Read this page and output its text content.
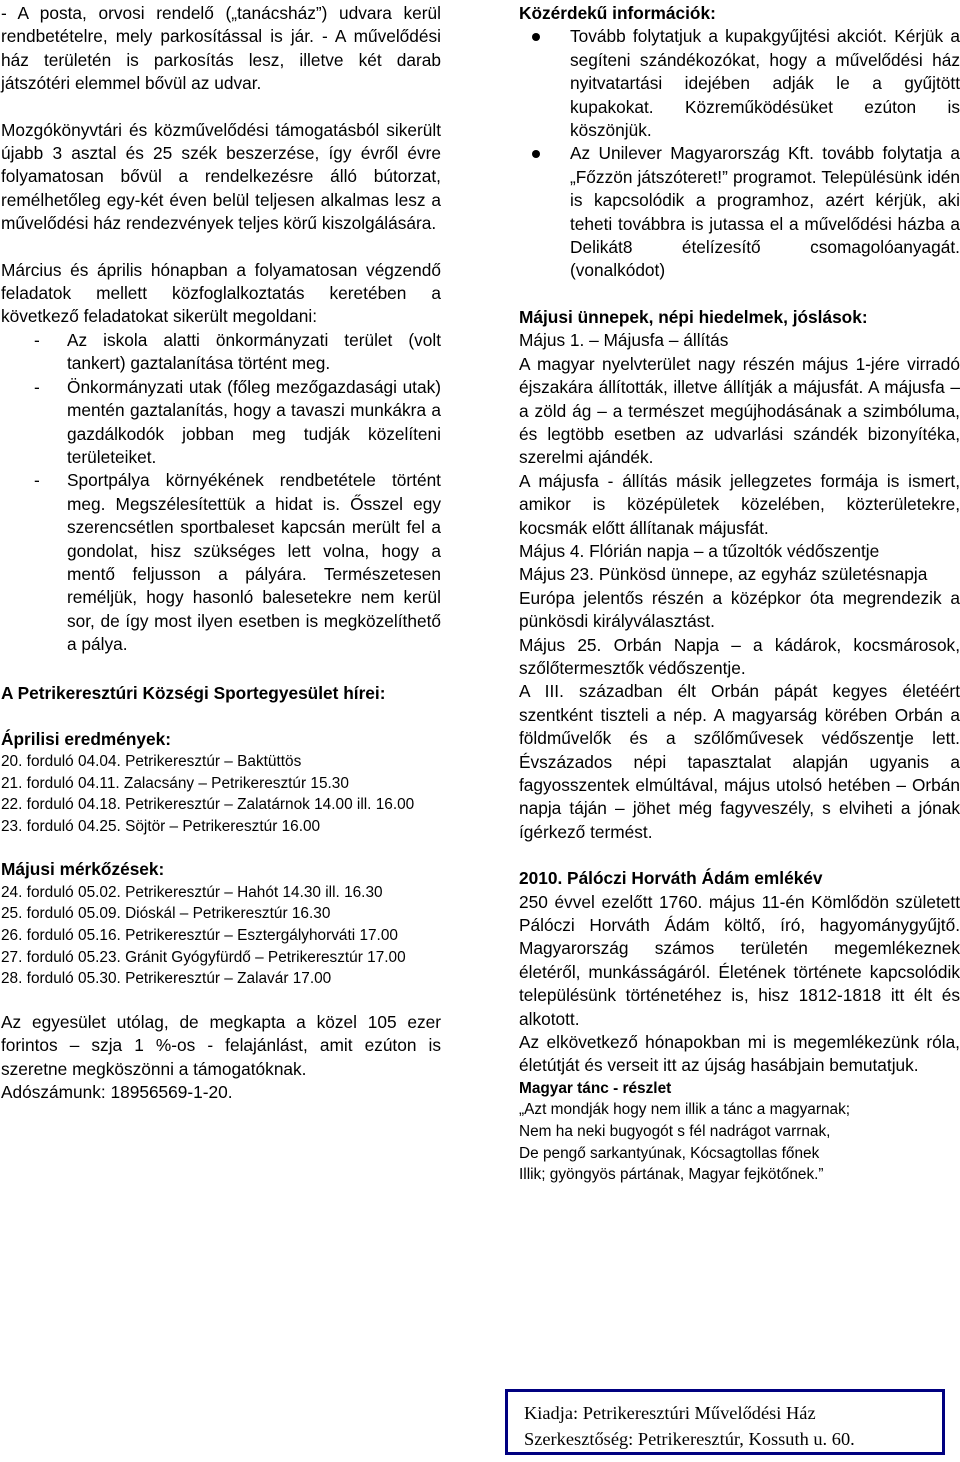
- A posta, orvosi rendelő („tanácsház”) udvara kerül rendbetételre, mely parkosítással is jár. - A művelődési ház területén is parkosítás lesz, illetve két darab játszótéri elemmel bővül az udvar.

Mozgókönyvtári és közművelődési támogatásból sikerült újabb 3 asztal és 25 szék beszerzése, így évről évre folyamatosan bővül a rendelkezésre álló bútorzat, remélhetőleg egy-két éven belül teljesen alkalmas lesz a művelődési ház rendezvények teljes körű kiszolgálására.

Március és április hónapban a folyamatosan végzendő feladatok mellett közfoglalkoztatás keretében a következő feladatokat sikerült megoldani:

- Az iskola alatti önkormányzati terület (volt tankert) gaztalanítása történt meg.
- Önkormányzati utak (főleg mezőgazdasági utak) mentén gaztalanítás, hogy a tavaszi munkákra a gazdálkodók jobban meg tudják közelíteni területeiket.
- Sportpálya környékének rendbetétele történt meg. Megszélesítettük a hidat is. Ősszel egy szerencsétlen sportbaleset kapcsán merült fel a gondolat, hisz szükséges lett volna, hogy a mentő feljusson a pályára. Természetesen reméljük, hogy hasonló balesetekre nem kerül sor, de így most ilyen esetben is megközelíthető a pálya.

A Petrikeresztúri Községi Sportegyesület hírei:

Áprilisi eredmények:

20. forduló 04.04. Petrikeresztúr – Baktüttös
21. forduló 04.11. Zalacsány – Petrikeresztúr 15.30
22. forduló 04.18. Petrikeresztúr – Zalatárnok 14.00 ill. 16.00
23. forduló 04.25. Söjtör – Petrikeresztúr 16.00

Májusi mérkőzések:

24. forduló 05.02. Petrikeresztúr – Hahót 14.30 ill. 16.30
25. forduló 05.09. Dióskál – Petrikeresztúr 16.30
26. forduló 05.16. Petrikeresztúr – Esztergályhorváti 17.00
27. forduló 05.23. Gránit Gyógyfürdő – Petrikeresztúr 17.00
28. forduló 05.30. Petrikeresztúr – Zalavár 17.00

Az egyesület utólag, de megkapta a közel 105 ezer forintos – szja 1 %-os - felajánlást, amit ezúton is szeretne megköszönni a támogatóknak.

Adószámunk: 18956569-1-20.

Közérdekű információk:

Tovább folytatjuk a kupakgyűjtési akciót. Kérjük a segíteni szándékozókat, hogy a művelődési ház nyitvatartási idejében adják le a gyűjtött kupakokat. Közreműködésüket ezúton is köszönjük.
Az Unilever Magyarország Kft. tovább folytatja a „Főzzön játszóteret!” programot. Településünk idén is kapcsolódik a programhoz, azért kérjük, aki teheti továbbra is jutassa el a művelődési házba a Delikát8 ételízesítő csomagolóanyagát. (vonalkódot)

Májusi ünnepek, népi hiedelmek, jóslások:

Május 1. – Májusfa – állítás
A magyar nyelvterület nagy részén május 1-jére virradó éjszakára állították, illetve állítják a májusfát. A májusfa – a zöld ág – a természet megújhodásának a szimbóluma, és legtöbb esetben az udvarlási szándék bizonyítéka, szerelmi ajándék.
A májusfa - állítás másik jellegzetes formája is ismert, amikor is középületek közelében, közterületekre, kocsmák előtt állítanak májusfát.
Május 4. Flórián napja – a tűzoltók védőszentje
Május 23. Pünkösd ünnepe, az egyház születésnapja
Európa jelentős részén a középkor óta megrendezik a pünkösdi királyválasztást.
Május 25. Orbán Napja – a kádárok, kocsmárosok, szőlőtermesztők védőszentje.
A III. században élt Orbán pápát kegyes életéért szentként tiszteli a nép. A magyarság körében Orbán a földművelők és a szőlőművesek védőszentje lett. Évszázados népi tapasztalat alapján ugyanis a fagyosszentek elmúltával, május utolsó hetében – Orbán napja táján – jöhet még fagyveszély, s elviheti a jónak ígérkező termést.

2010. Pálóczi Horváth Ádám emlékév

250 évvel ezelőtt 1760. május 11-én Kömlődön született Pálóczi Horváth Ádám költő, író, hagyománygyűjtő. Magyarország számos területén megemlékeznek életéről, munkásságáról. Életének története kapcsolódik településünk történetéhez is, hisz 1812-1818 itt élt és alkotott.
Az elkövetkező hónapokban mi is megemlékezünk róla, életútját és verseit itt az újság hasábjain bemutatjuk.

Magyar tánc - részlet

„Azt mondják hogy nem illik a tánc a magyarnak;
Nem ha neki bugyogót s fél nadrágot varrnak,
De pengő sarkantyúnak, Kócsagtollas főnek
Illik; gyöngyös pártának, Magyar fejkötőnek.”
Kiadja: Petrikeresztúri Művelődési Ház
Szerkesztőség: Petrikeresztúr, Kossuth u. 60.
